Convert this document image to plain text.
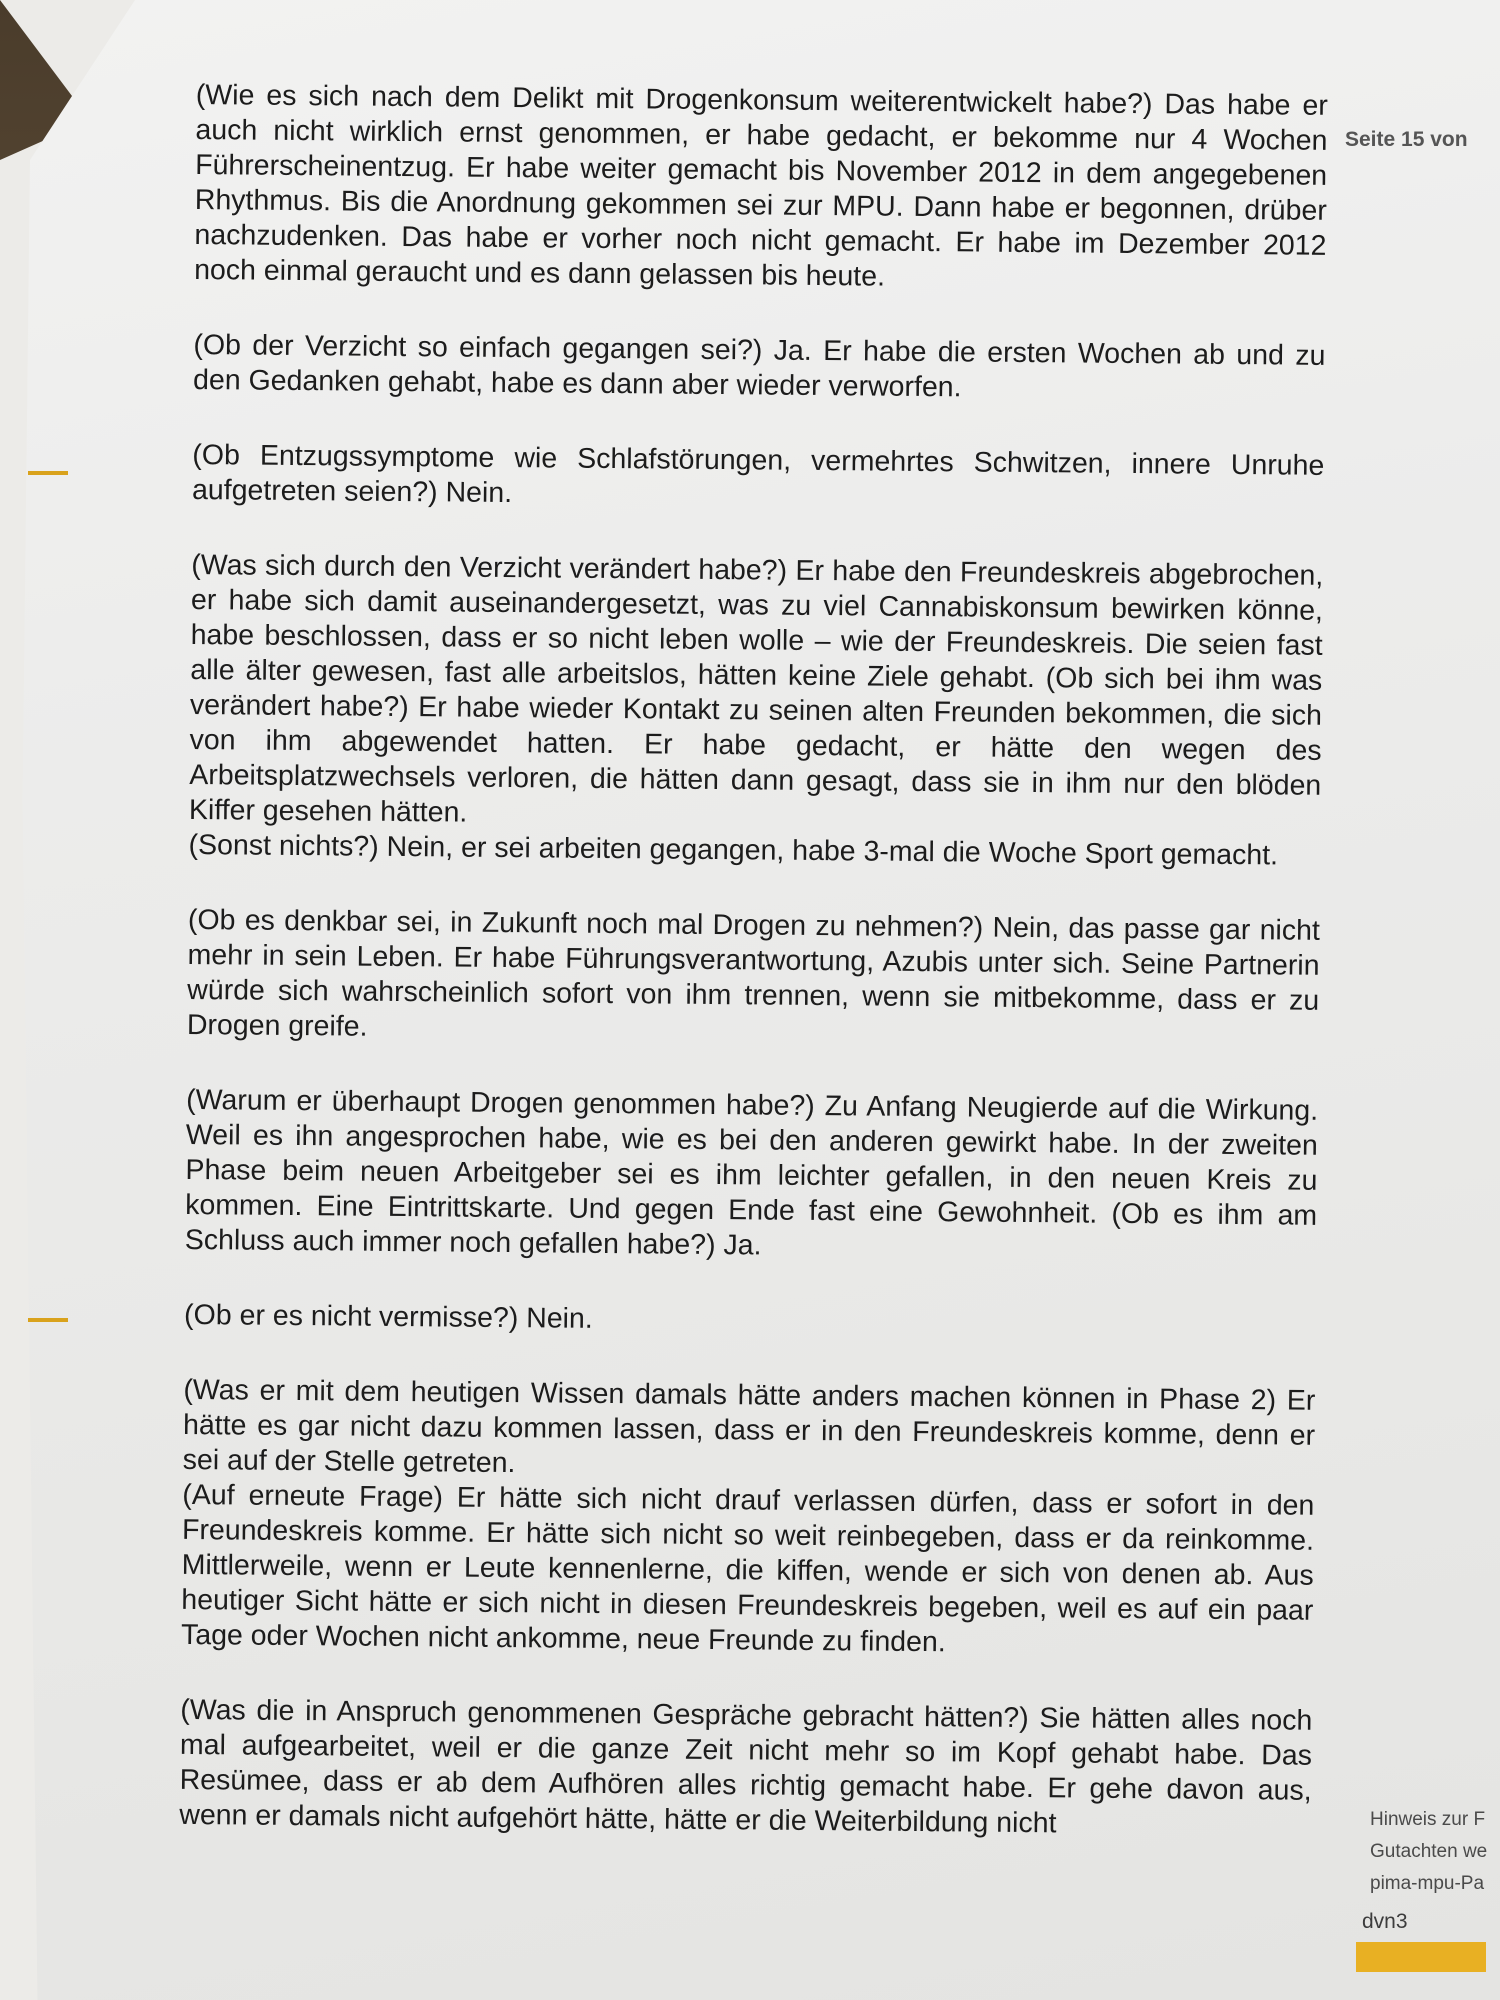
Seite 15 von

(Wie es sich nach dem Delikt mit Drogenkonsum weiterentwickelt habe?) Das habe er auch nicht wirklich ernst genommen, er habe gedacht, er bekomme nur 4 Wochen Führerscheinentzug. Er habe weiter gemacht bis November 2012 in dem angegebenen Rhythmus. Bis die Anordnung gekommen sei zur MPU. Dann habe er begonnen, drüber nachzudenken. Das habe er vorher noch nicht gemacht. Er habe im Dezember 2012 noch einmal geraucht und es dann gelassen bis heute.

(Ob der Verzicht so einfach gegangen sei?) Ja. Er habe die ersten Wochen ab und zu den Gedanken gehabt, habe es dann aber wieder verworfen.

(Ob Entzugssymptome wie Schlafstörungen, vermehrtes Schwitzen, innere Unruhe aufgetreten seien?) Nein.

(Was sich durch den Verzicht verändert habe?) Er habe den Freundeskreis abgebrochen, er habe sich damit auseinandergesetzt, was zu viel Cannabiskonsum bewirken könne, habe beschlossen, dass er so nicht leben wolle – wie der Freundeskreis. Die seien fast alle älter gewesen, fast alle arbeitslos, hätten keine Ziele gehabt. (Ob sich bei ihm was verändert habe?) Er habe wieder Kontakt zu seinen alten Freunden bekommen, die sich von ihm abgewendet hatten. Er habe gedacht, er hätte den wegen des Arbeitsplatzwechsels verloren, die hätten dann gesagt, dass sie in ihm nur den blöden Kiffer gesehen hätten.

(Sonst nichts?) Nein, er sei arbeiten gegangen, habe 3-mal die Woche Sport gemacht.

(Ob es denkbar sei, in Zukunft noch mal Drogen zu nehmen?) Nein, das passe gar nicht mehr in sein Leben. Er habe Führungsverantwortung, Azubis unter sich. Seine Partnerin würde sich wahrscheinlich sofort von ihm trennen, wenn sie mitbekomme, dass er zu Drogen greife.

(Warum er überhaupt Drogen genommen habe?) Zu Anfang Neugierde auf die Wirkung. Weil es ihn angesprochen habe, wie es bei den anderen gewirkt habe. In der zweiten Phase beim neuen Arbeitgeber sei es ihm leichter gefallen, in den neuen Kreis zu kommen. Eine Eintrittskarte. Und gegen Ende fast eine Gewohnheit. (Ob es ihm am Schluss auch immer noch gefallen habe?) Ja.

(Ob er es nicht vermisse?) Nein.

(Was er mit dem heutigen Wissen damals hätte anders machen können in Phase 2) Er hätte es gar nicht dazu kommen lassen, dass er in den Freundeskreis komme, denn er sei auf der Stelle getreten.

(Auf erneute Frage) Er hätte sich nicht drauf verlassen dürfen, dass er sofort in den Freundeskreis komme. Er hätte sich nicht so weit reinbegeben, dass er da reinkomme. Mittlerweile, wenn er Leute kennenlerne, die kiffen, wende er sich von denen ab. Aus heutiger Sicht hätte er sich nicht in diesen Freundeskreis begeben, weil es auf ein paar Tage oder Wochen nicht ankomme, neue Freunde zu finden.

(Was die in Anspruch genommenen Gespräche gebracht hätten?) Sie hätten alles noch mal aufgearbeitet, weil er die ganze Zeit nicht mehr so im Kopf gehabt habe. Das Resümee, dass er ab dem Aufhören alles richtig gemacht habe. Er gehe davon aus, wenn er damals nicht aufgehört hätte, hätte er die Weiterbildung nicht	Hinweis zur F
Gutachten we
pima-mpu-Pa
dvn3
